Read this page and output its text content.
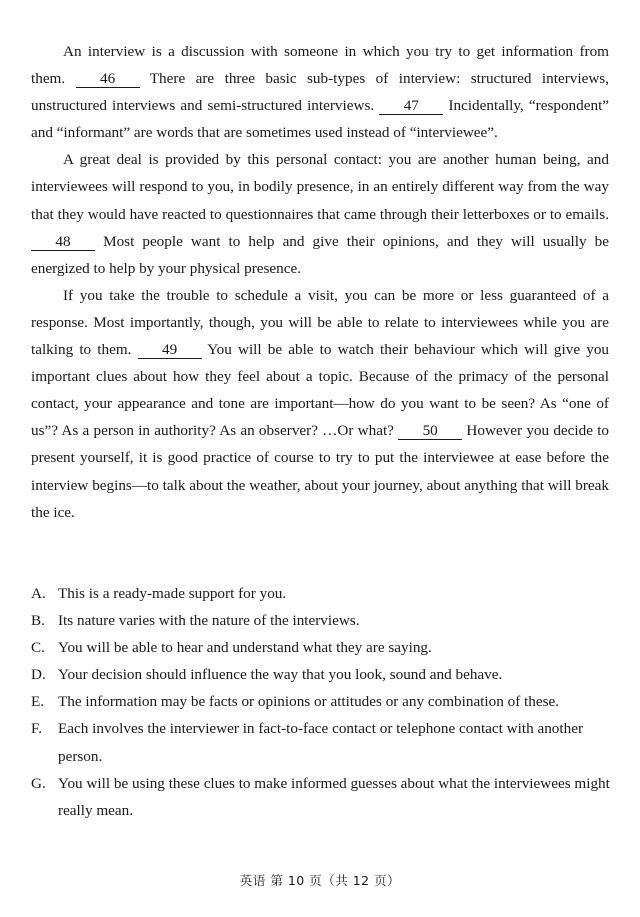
An interview is a discussion with someone in which you try to get information from them. 46 There are three basic sub-types of interview: structured interviews, unstructured interviews and semi-structured interviews. 47 Incidentally, “respondent” and “informant” are words that are sometimes used instead of “interviewee”.

A great deal is provided by this personal contact: you are another human being, and interviewees will respond to you, in bodily presence, in an entirely different way from the way that they would have reacted to questionnaires that came through their letterboxes or to emails. 48 Most people want to help and give their opinions, and they will usually be energized to help by your physical presence.

If you take the trouble to schedule a visit, you can be more or less guaranteed of a response. Most importantly, though, you will be able to relate to interviewees while you are talking to them. 49 You will be able to watch their behaviour which will give you important clues about how they feel about a topic. Because of the primacy of the personal contact, your appearance and tone are important—how do you want to be seen? As “one of us”? As a person in authority? As an observer? …Or what? 50 However you decide to present yourself, it is good practice of course to try to put the interviewee at ease before the interview begins—to talk about the weather, about your journey, about anything that will break the ice.

A. This is a ready-made support for you.
B. Its nature varies with the nature of the interviews.
C. You will be able to hear and understand what they are saying.
D. Your decision should influence the way that you look, sound and behave.
E. The information may be facts or opinions or attitudes or any combination of these.
F.	Each involves the interviewer in fact-to-face contact or telephone contact with another person.
G. You will be using these clues to make informed guesses about what the interviewees might really mean.
英语 第 10 页（共 12 页）
